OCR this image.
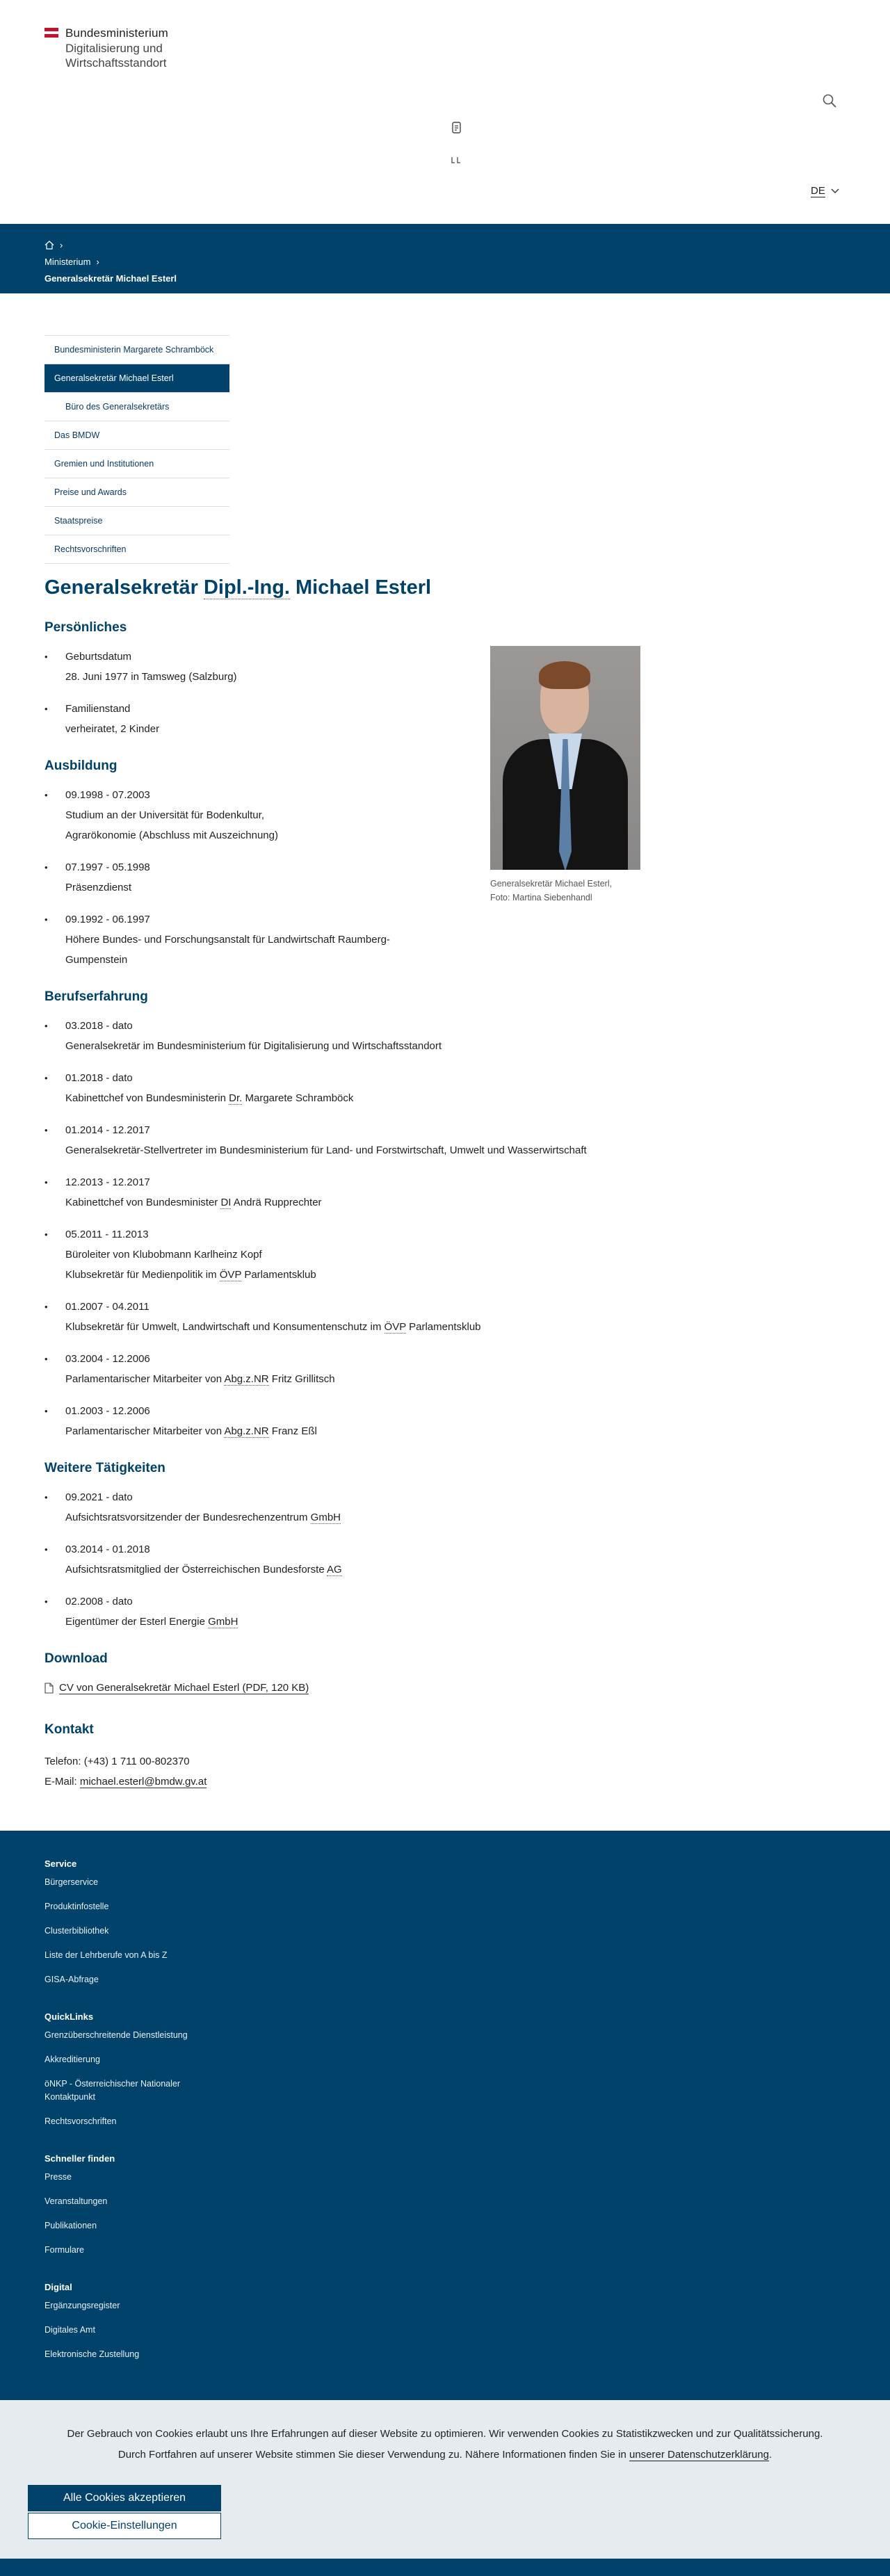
Bundesministerium
Digitalisierung und
Wirtschaftsstandort
DE
›
Ministerium ›
Generalsekretär Michael Esterl
Bundesministerin Margarete Schramböck
Generalsekretär Michael Esterl
Büro des Generalsekretärs
Das BMDW
Gremien und Institutionen
Preise und Awards
Staatspreise
Rechtsvorschriften
Generalsekretär Dipl.-Ing. Michael Esterl
Generalsekretär Michael Esterl,
Foto: Martina Siebenhandl
Persönliches
• Geburtsdatum
28. Juni 1977 in Tamsweg (Salzburg)
• Familienstand
verheiratet, 2 Kinder
Ausbildung
• 09.1998 - 07.2003
Studium an der Universität für Bodenkultur,
Agrarökonomie (Abschluss mit Auszeichnung)
• 07.1997 - 05.1998
Präsenzdienst
• 09.1992 - 06.1997
Höhere Bundes- und Forschungsanstalt für Landwirtschaft Raumberg-
Gumpenstein
Berufserfahrung
• 03.2018 - dato
Generalsekretär im Bundesministerium für Digitalisierung und Wirtschaftsstandort
• 01.2018 - dato
Kabinettchef von Bundesministerin Dr. Margarete Schramböck
• 01.2014 - 12.2017
Generalsekretär-Stellvertreter im Bundesministerium für Land- und Forstwirtschaft, Umwelt und Wasserwirtschaft
• 12.2013 - 12.2017
Kabinettchef von Bundesminister DI Andrä Rupprechter
• 05.2011 - 11.2013
Büroleiter von Klubobmann Karlheinz Kopf
Klubsekretär für Medienpolitik im ÖVP Parlamentsklub
• 01.2007 - 04.2011
Klubsekretär für Umwelt, Landwirtschaft und Konsumentenschutz im ÖVP Parlamentsklub
• 03.2004 - 12.2006
Parlamentarischer Mitarbeiter von Abg.z.NR Fritz Grillitsch
• 01.2003 - 12.2006
Parlamentarischer Mitarbeiter von Abg.z.NR Franz Eßl
Weitere Tätigkeiten
• 09.2021 - dato
Aufsichtsratsvorsitzender der Bundesrechenzentrum GmbH
• 03.2014 - 01.2018
Aufsichtsratsmitglied der Österreichischen Bundesforste AG
• 02.2008 - dato
Eigentümer der Esterl Energie GmbH
Download
CV von Generalsekretär Michael Esterl (PDF, 120 KB)
Kontakt

Telefon: (+43) 1 711 00-802370

E-Mail: michael.esterl@bmdw.gv.at

Service
Bürgerservice
Produktinfostelle
Clusterbibliothek
Liste der Lehrberufe von A bis Z
GISA-Abfrage
QuickLinks
Grenzüberschreitende Dienstleistung
Akkreditierung
öNKP - Österreichischer Nationaler
Kontaktpunkt
Rechtsvorschriften
Schneller finden
Presse
Veranstaltungen
Publikationen
Formulare
Digital
Ergänzungsregister
Digitales Amt
Elektronische Zustellung
Der Gebrauch von Cookies erlaubt uns Ihre Erfahrungen auf dieser Website zu optimieren. Wir verwenden Cookies zu Statistikzwecken und zur Qualitätssicherung.
Durch Fortfahren auf unserer Website stimmen Sie dieser Verwendung zu. Nähere Informationen finden Sie in unserer Datenschutzerklärung.
Alle Cookies akzeptieren
Cookie-Einstellungen
